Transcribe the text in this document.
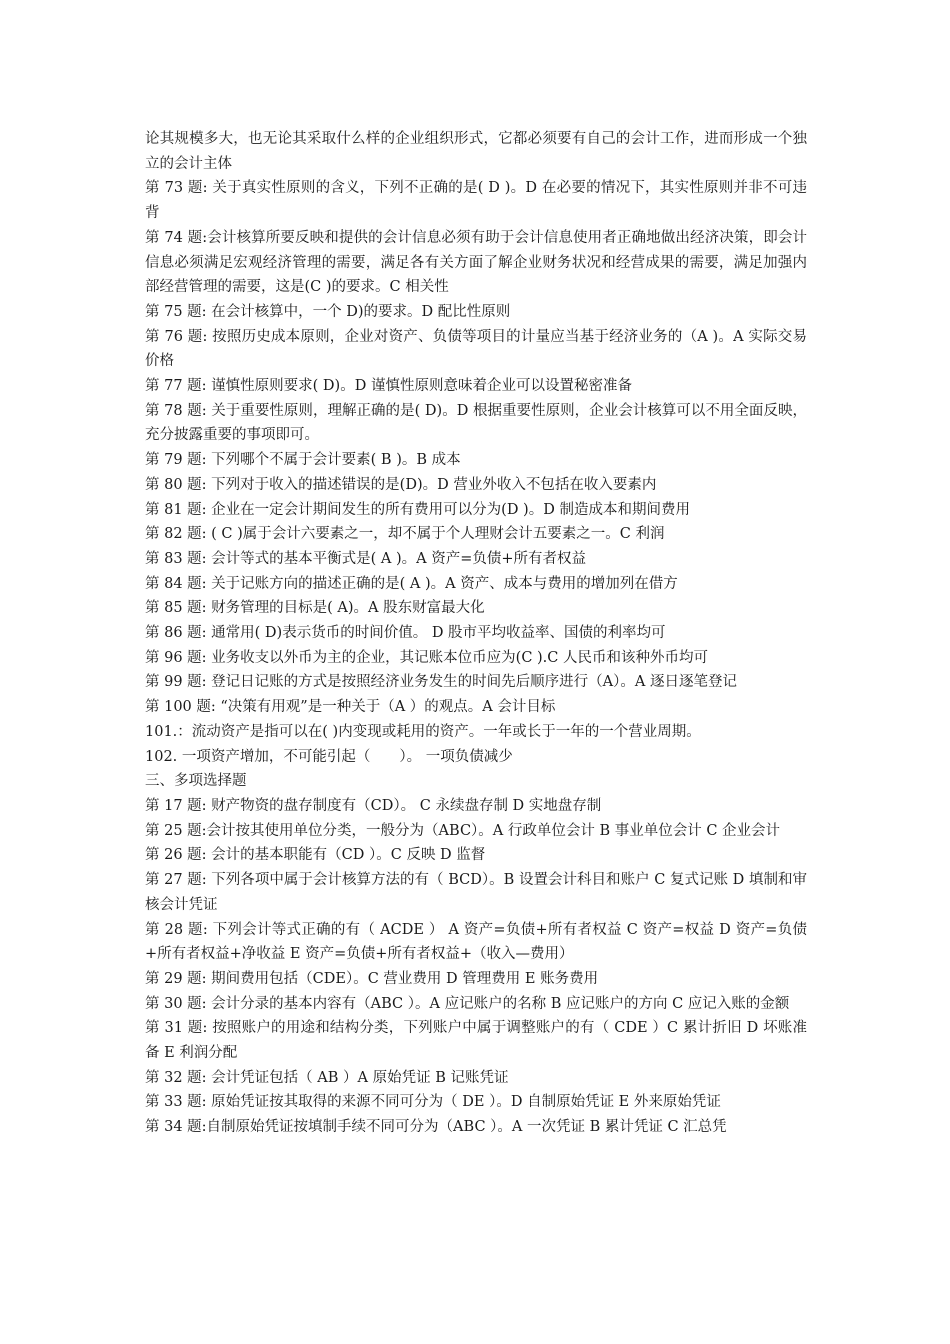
论其规模多大，也无论其采取什么样的企业组织形式，它都必须要有自己的会计工作，进而形成一个独立的会计主体

第 73 题: 关于真实性原则的含义，下列不正确的是( D )。D 在必要的情况下，其实性原则并非不可违背

第 74 题:会计核算所要反映和提供的会计信息必须有助于会计信息使用者正确地做出经济决策，即会计信息必须满足宏观经济管理的需要，满足各有关方面了解企业财务状况和经营成果的需要，满足加强内部经营管理的需要，这是(C )的要求。C 相关性

第 75 题: 在会计核算中，一个 D)的要求。D 配比性原则

第 76 题: 按照历史成本原则，企业对资产、负债等项目的计量应当基于经济业务的（A )。A 实际交易价格

第 77 题: 谨慎性原则要求( D)。D 谨慎性原则意味着企业可以设置秘密准备

第 78 题: 关于重要性原则，理解正确的是( D)。D 根据重要性原则，企业会计核算可以不用全面反映，充分披露重要的事项即可。

第 79 题: 下列哪个不属于会计要素( B )。B 成本

第 80 题: 下列对于收入的描述错误的是(D)。D 营业外收入不包括在收入要素内

第 81 题: 企业在一定会计期间发生的所有费用可以分为(D )。D 制造成本和期间费用

第 82 题: ( C )属于会计六要素之一，却不属于个人理财会计五要素之一。C 利润

第 83 题: 会计等式的基本平衡式是( A )。A 资产=负债+所有者权益

第 84 题: 关于记账方向的描述正确的是( A )。A 资产、成本与费用的增加列在借方

第 85 题: 财务管理的目标是( A)。A 股东财富最大化

第 86 题: 通常用( D)表示货币的时间价值。 D 股市平均收益率、国债的利率均可

第 96 题: 业务收支以外币为主的企业，其记账本位币应为(C ).C 人民币和该种外币均可

第 99 题: 登记日记账的方式是按照经济业务发生的时间先后顺序进行（A）。A 逐日逐笔登记

第 100 题: “决策有用观”是一种关于（A ）的观点。A 会计目标

101.：流动资产是指可以在( )内变现或耗用的资产。一年或长于一年的一个营业周期。

102. 一项资产增加，不可能引起（　　）。 一项负债减少

三、多项选择题

第 17 题: 财产物资的盘存制度有（CD）。 C 永续盘存制 D 实地盘存制

第 25 题:会计按其使用单位分类，一般分为（ABC）。A 行政单位会计 B 事业单位会计 C 企业会计

第 26 题: 会计的基本职能有（CD ）。C 反映 D 监督

第 27 题: 下列各项中属于会计核算方法的有（ BCD）。B 设置会计科目和账户 C 复式记账 D 填制和审核会计凭证

第 28 题: 下列会计等式正确的有（ ACDE ） A 资产=负债+所有者权益 C 资产=权益 D 资产=负债+所有者权益+净收益 E 资产=负债+所有者权益+（收入—费用）

第 29 题: 期间费用包括（CDE）。C 营业费用 D 管理费用 E 账务费用

第 30 题: 会计分录的基本内容有（ABC ）。A 应记账户的名称 B 应记账户的方向 C 应记入账的金额

第 31 题: 按照账户的用途和结构分类，下列账户中属于调整账户的有（ CDE ）C 累计折旧 D 坏账准备 E 利润分配

第 32 题: 会计凭证包括（ AB ）A 原始凭证 B 记账凭证

第 33 题: 原始凭证按其取得的来源不同可分为（ DE ）。D 自制原始凭证 E 外来原始凭证

第 34 题:自制原始凭证按填制手续不同可分为（ABC ）。A 一次凭证 B 累计凭证 C 汇总凭
